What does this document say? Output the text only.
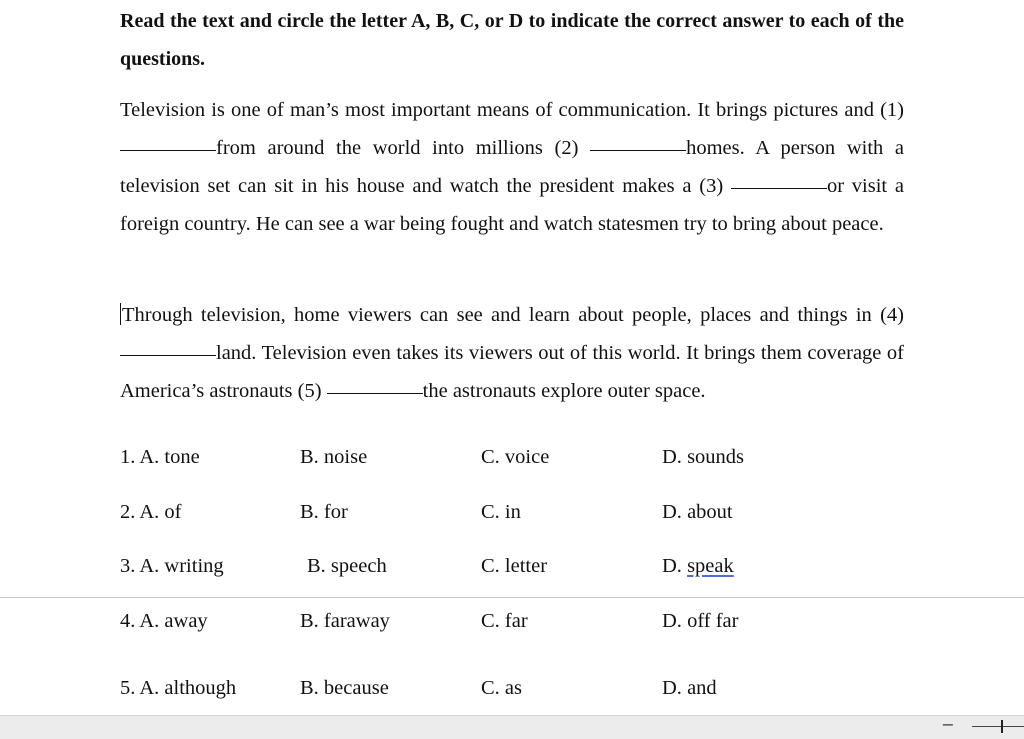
Read the text and circle the letter A, B, C, or D to indicate the correct answer to each of the questions.
Television is one of man’s most important means of communication. It brings pictures and (1) from around the world into millions (2)	homes. A person with a television set can sit in his house and watch the president makes a (3)	or visit a foreign country. He can see a war being fought and watch statesmen try to bring about peace.
Through television, home viewers can see and learn about people, places and things in (4) land. Television even takes its viewers out of this world. It brings them coverage of America’s astronauts (5)	the astronauts explore outer space.
1. A. tone	B. noise	C. voice	D. sounds
2. A. of	B. for	C. in	D. about
3. A. writing	B. speech	C. letter	D. speak
4. A. away	B. faraway	C. far	D. off far
5. A. although	B. because	C. as	D. and
−
